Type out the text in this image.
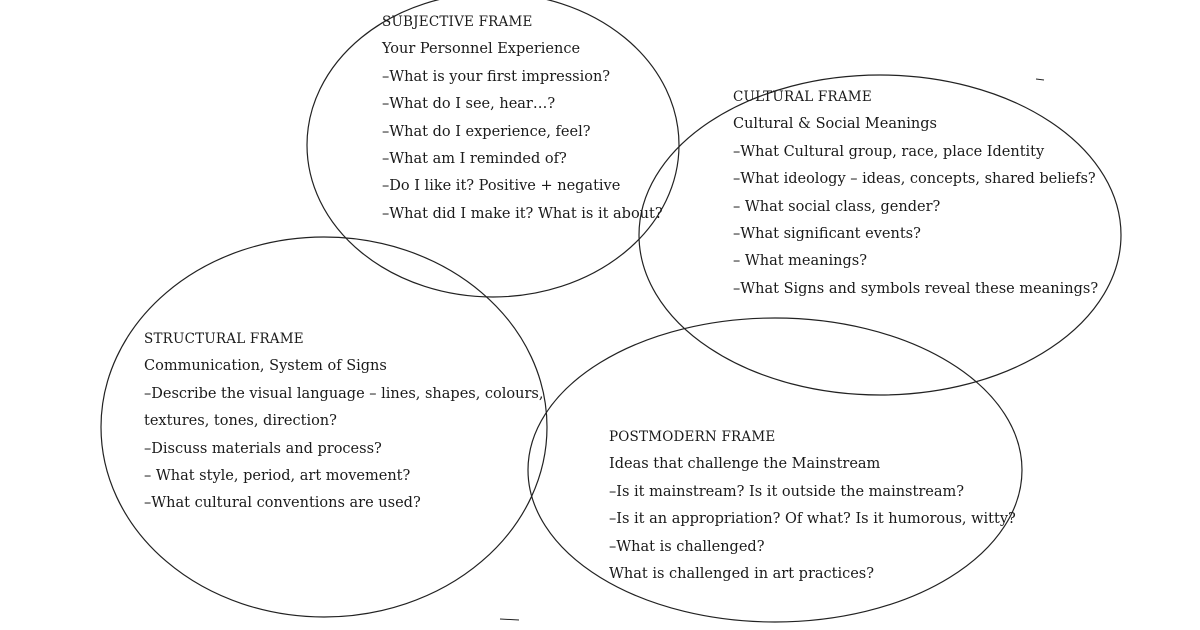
SUBJECTIVE FRAME
Your Personnel Experience
–What is your first impression?
–What do I see, hear…?
–What do I experience, feel?
–What am I reminded of?
–Do I like it? Positive + negative
–What did I make it? What is it about?
CULTURAL FRAME
Cultural & Social Meanings
–What Cultural group, race, place Identity
–What ideology – ideas, concepts, shared beliefs?
– What social class, gender?
–What significant events?
– What meanings?
–What Signs and symbols reveal these meanings?
STRUCTURAL FRAME
Communication, System of Signs
–Describe the visual language – lines, shapes, colours,
textures, tones, direction?
–Discuss materials and process?
– What style, period, art movement?
–What cultural conventions are used?
POSTMODERN FRAME
Ideas that challenge the Mainstream
–Is it mainstream? Is it outside the mainstream?
–Is it an appropriation? Of what? Is it humorous, witty?
–What is challenged?
What is challenged in art practices?
